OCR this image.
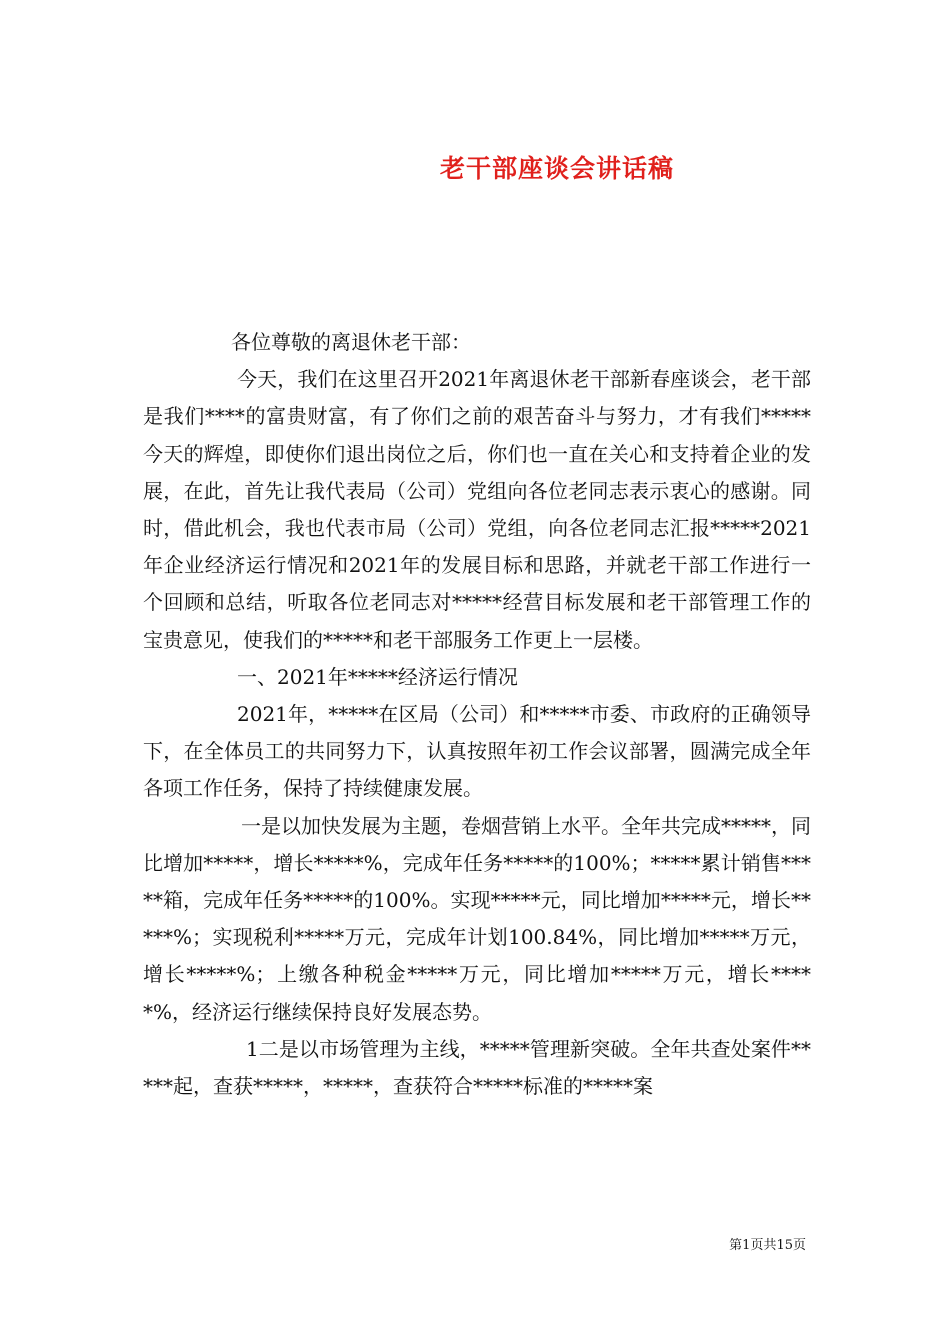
老干部座谈会讲话稿

各位尊敬的离退休老干部：

今天，我们在这里召开2021年离退休老干部新春座谈会，老干部是我们****的富贵财富，有了你们之前的艰苦奋斗与努力，才有我们*****今天的辉煌，即使你们退出岗位之后，你们也一直在关心和支持着企业的发展，在此，首先让我代表局（公司）党组向各位老同志表示衷心的感谢。同时，借此机会，我也代表市局（公司）党组，向各位老同志汇报*****2021年企业经济运行情况和2021年的发展目标和思路，并就老干部工作进行一个回顾和总结，听取各位老同志对*****经营目标发展和老干部管理工作的宝贵意见，使我们的*****和老干部服务工作更上一层楼。

一、2021年*****经济运行情况

2021年，*****在区局（公司）和*****市委、市政府的正确领导下，在全体员工的共同努力下，认真按照年初工作会议部署，圆满完成全年各项工作任务，保持了持续健康发展。

一是以加快发展为主题，卷烟营销上水平。全年共完成*****，同比增加*****，增长*****%，完成年任务*****的100%；*****累计销售*****箱，完成年任务*****的100%。实现*****元，同比增加*****元，增长*****%；实现税利*****万元，完成年计划100.84%，同比增加*****万元，增长*****%；上缴各种税金*****万元，同比增加*****万元，增长*****%，经济运行继续保持良好发展态势。

1二是以市场管理为主线，*****管理新突破。全年共查处案件*****起，查获*****，*****，查获符合*****标准的*****案

第1页共15页
